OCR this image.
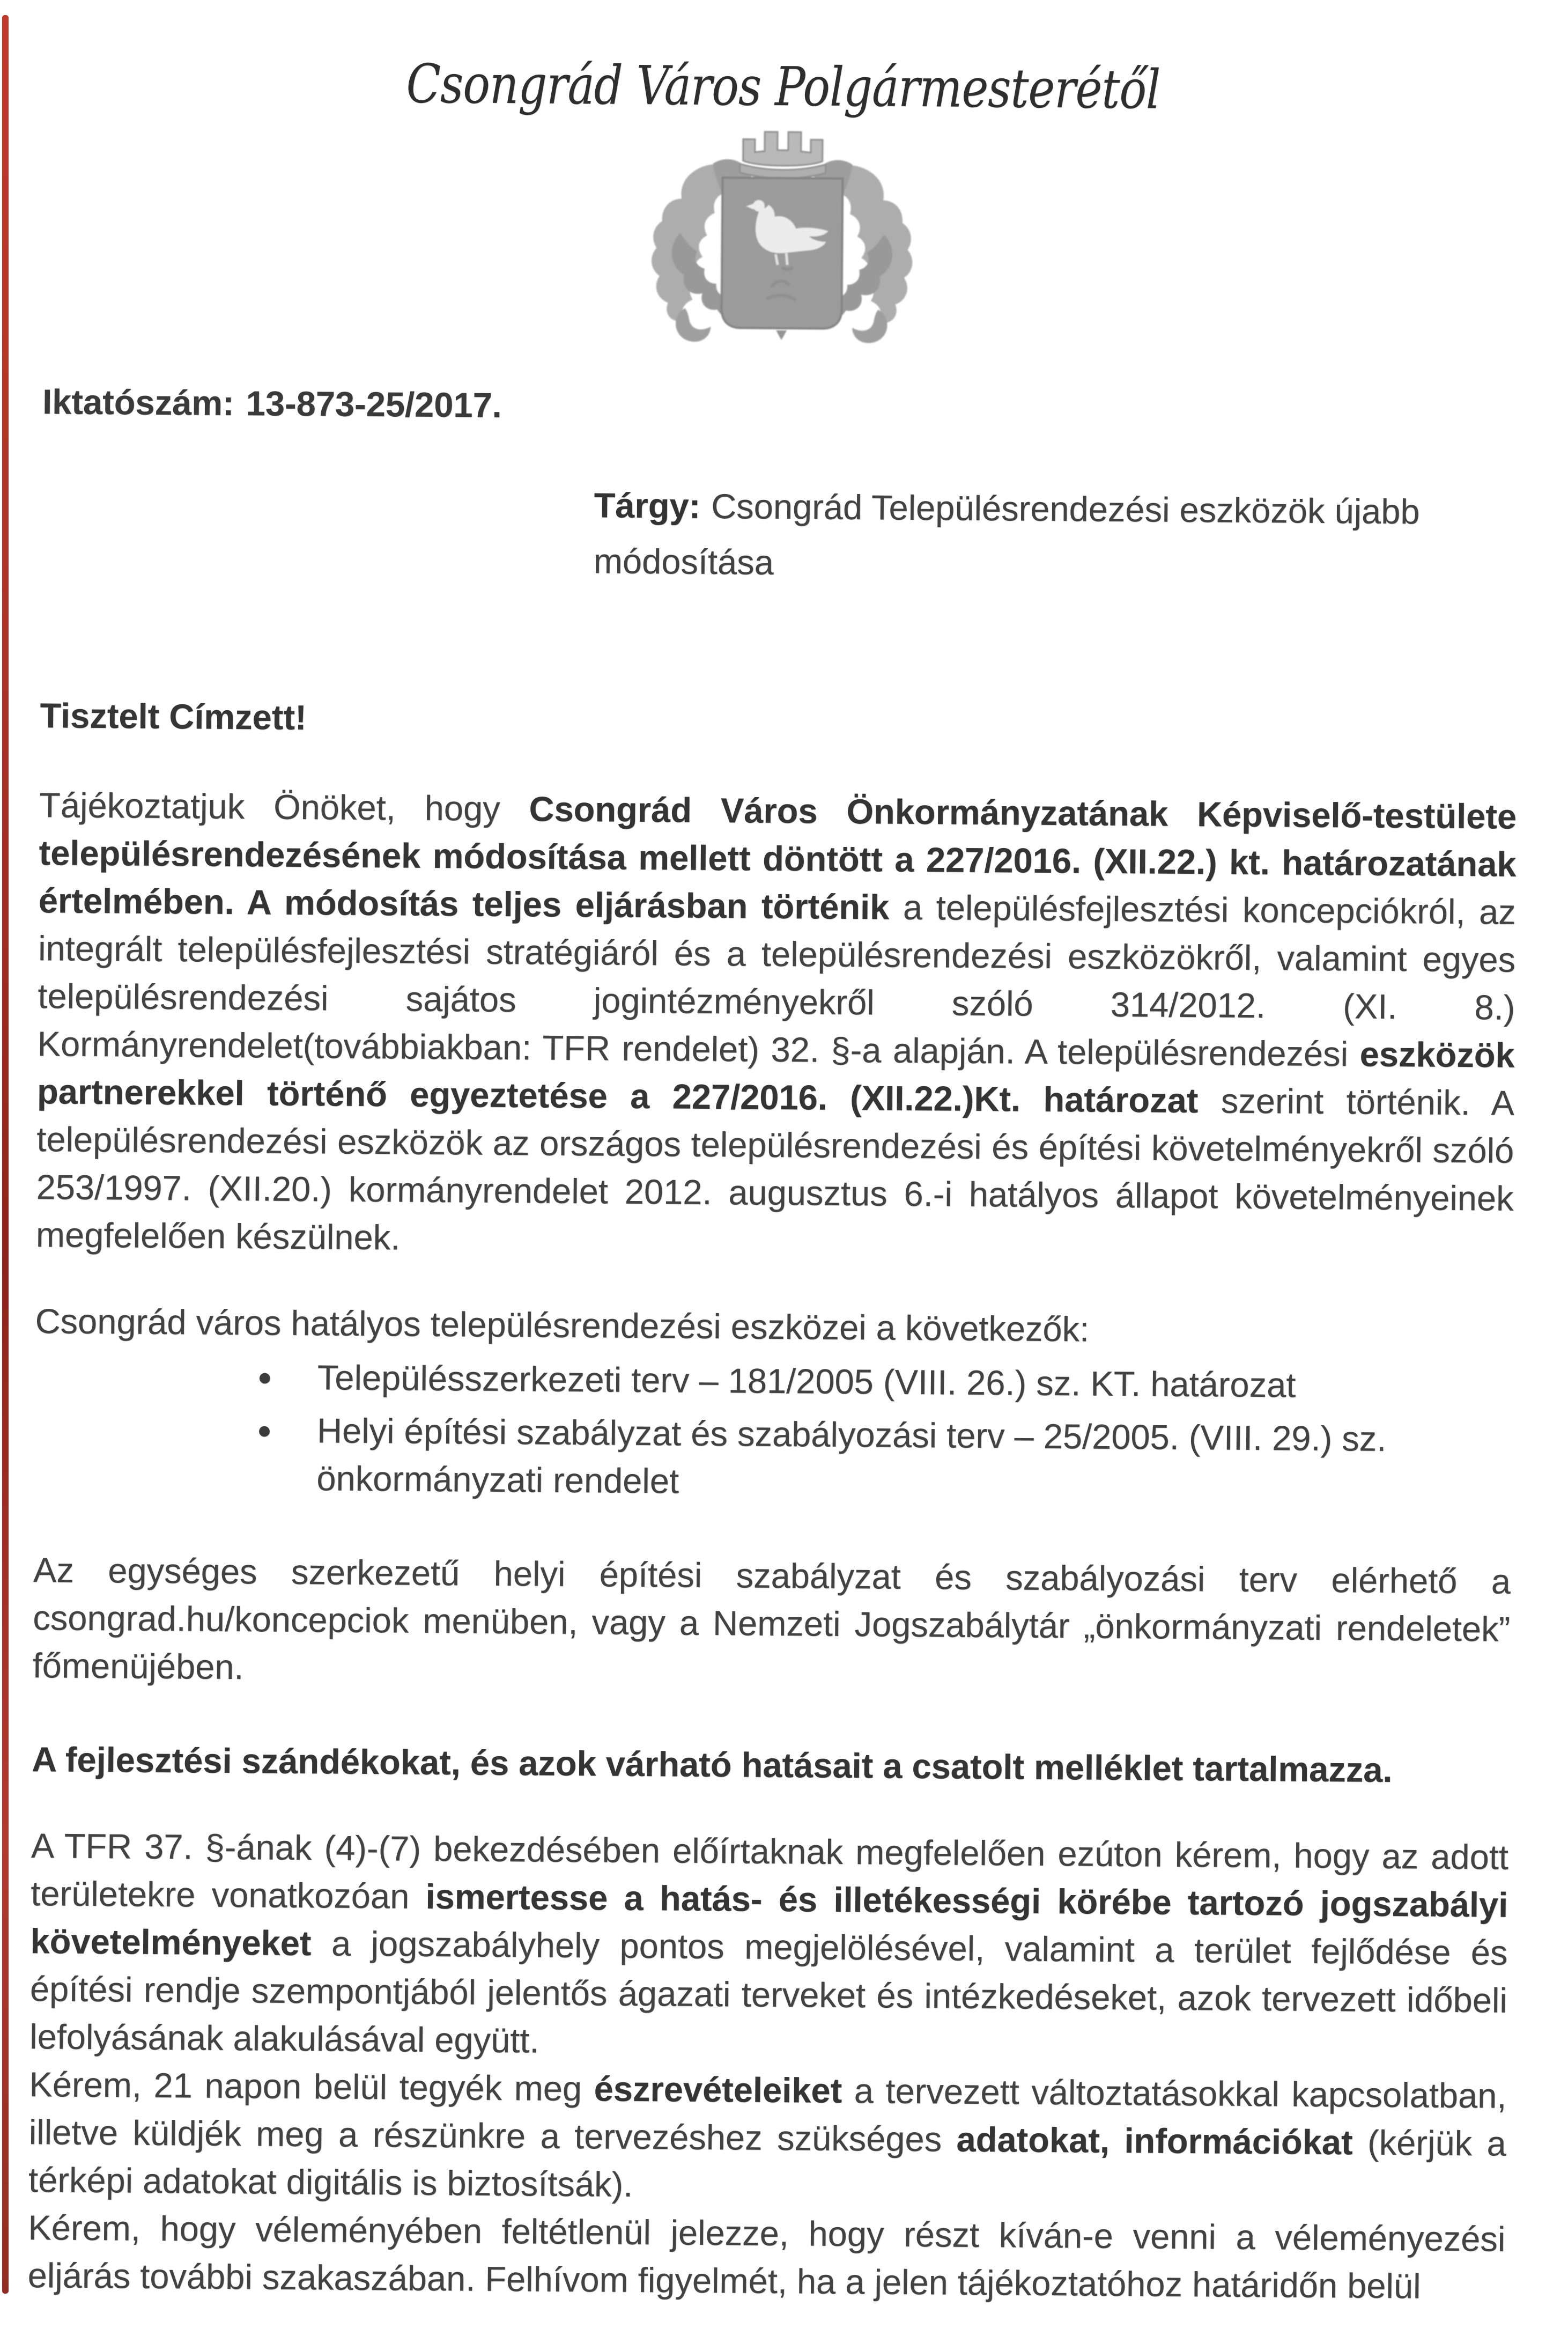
Csongrád Város Polgármesterétől
Iktatószám: 13-873-25/2017.
Tárgy: Csongrád Településrendezési eszközök újabb módosítása
Tisztelt Címzett!

Tájékoztatjuk Önöket, hogy Csongrád Város Önkormányzatának Képviselő-testülete településrendezésének módosítása mellett döntött a 227/2016. (XII.22.) kt. határozatának értelmében. A módosítás teljes eljárásban történik a településfejlesztési koncepciókról, az integrált településfejlesztési stratégiáról és a településrendezési eszközökről, valamint egyes településrendezési sajátos jogintézményekről szóló 314/2012. (XI. 8.) Kormányrendelet(továbbiakban: TFR rendelet) 32. §-a alapján. A településrendezési eszközök partnerekkel történő egyeztetése a 227/2016. (XII.22.)Kt. határozat szerint történik. A településrendezési eszközök az országos településrendezési és építési követelményekről szóló 253/1997. (XII.20.) kormányrendelet 2012. augusztus 6.-i hatályos állapot követelményeinek megfelelően készülnek.

Csongrád város hatályos településrendezési eszközei a következők:

●	Településszerkezeti terv – 181/2005 (VIII. 26.) sz. KT. határozat
●	Helyi építési szabályzat és szabályozási terv – 25/2005. (VIII. 29.) sz. önkormányzati rendelet

Az egységes szerkezetű helyi építési szabályzat és szabályozási terv elérhető a csongrad.hu/koncepciok menüben, vagy a Nemzeti Jogszabálytár „önkormányzati rendeletek” főmenüjében.

A fejlesztési szándékokat, és azok várható hatásait a csatolt melléklet tartalmazza.

A TFR 37. §-ának (4)-(7) bekezdésében előírtaknak megfelelően ezúton kérem, hogy az adott területekre vonatkozóan ismertesse a hatás- és illetékességi körébe tartozó jogszabályi követelményeket a jogszabályhely pontos megjelölésével, valamint a terület fejlődése és építési rendje szempontjából jelentős ágazati terveket és intézkedéseket, azok tervezett időbeli lefolyásának alakulásával együtt.

Kérem, 21 napon belül tegyék meg észrevételeiket a tervezett változtatásokkal kapcsolatban, illetve küldjék meg a részünkre a tervezéshez szükséges adatokat, információkat (kérjük a térképi adatokat digitális is biztosítsák).

Kérem, hogy véleményében feltétlenül jelezze, hogy részt kíván-e venni a véleményezési eljárás további szakaszában. Felhívom figyelmét, ha a jelen tájékoztatóhoz határidőn belül
